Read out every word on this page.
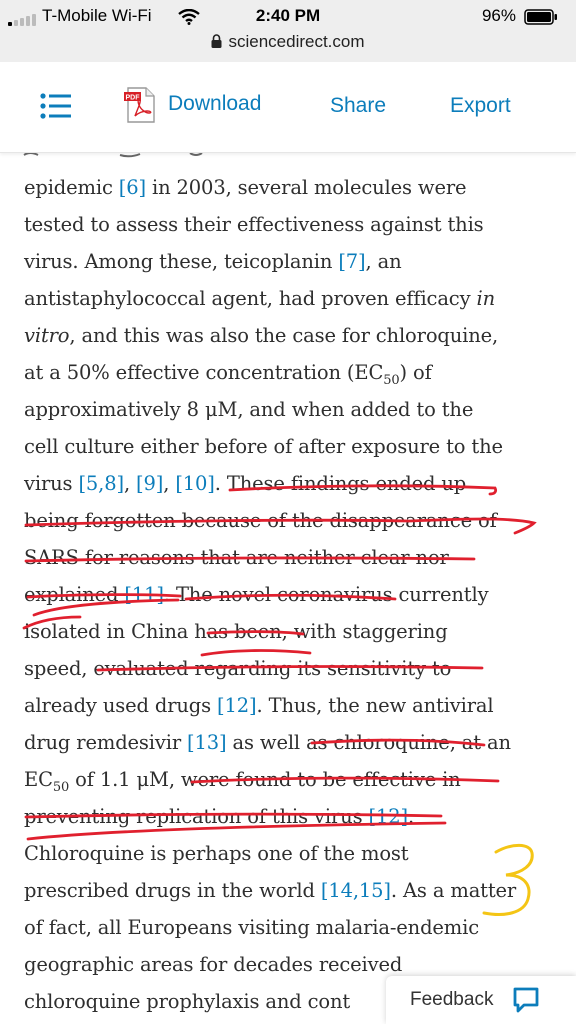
T-Mobile Wi-Fi	2:40 PM	96%
sciencedirect.com
PDF Download	Share	Export
epidemic [6] in 2003, several molecules were
tested to assess their effectiveness against this
virus. Among these, teicoplanin [7], an
antistaphylococcal agent, had proven efficacy in
vitro, and this was also the case for chloroquine,
at a 50% effective concentration $(EC_{50})$ of
approximatively 8 μM, and when added to the
cell culture either before of after exposure to the
virus [5,8], [9], [10]. These findings ended up
being forgotten because of the disappearance of
SARS for reasons that are neither clear nor
explained [11]. The novel coronavirus currently
isolated in China has been, with staggering
speed, evaluated regarding its sensitivity to
already used drugs [12]. Thus, the new antiviral
drug remdesivir [13] as well as chloroquine, at an
$EC_{50}$ of 1.1 μM, were found to be effective in
preventing replication of this virus [12].
Chloroquine is perhaps one of the most
prescribed drugs in the world [14,15]. As a matter
of fact, all Europeans visiting malaria-endemic
geographic areas for decades received
chloroquine prophylaxis and cont	Feedback
